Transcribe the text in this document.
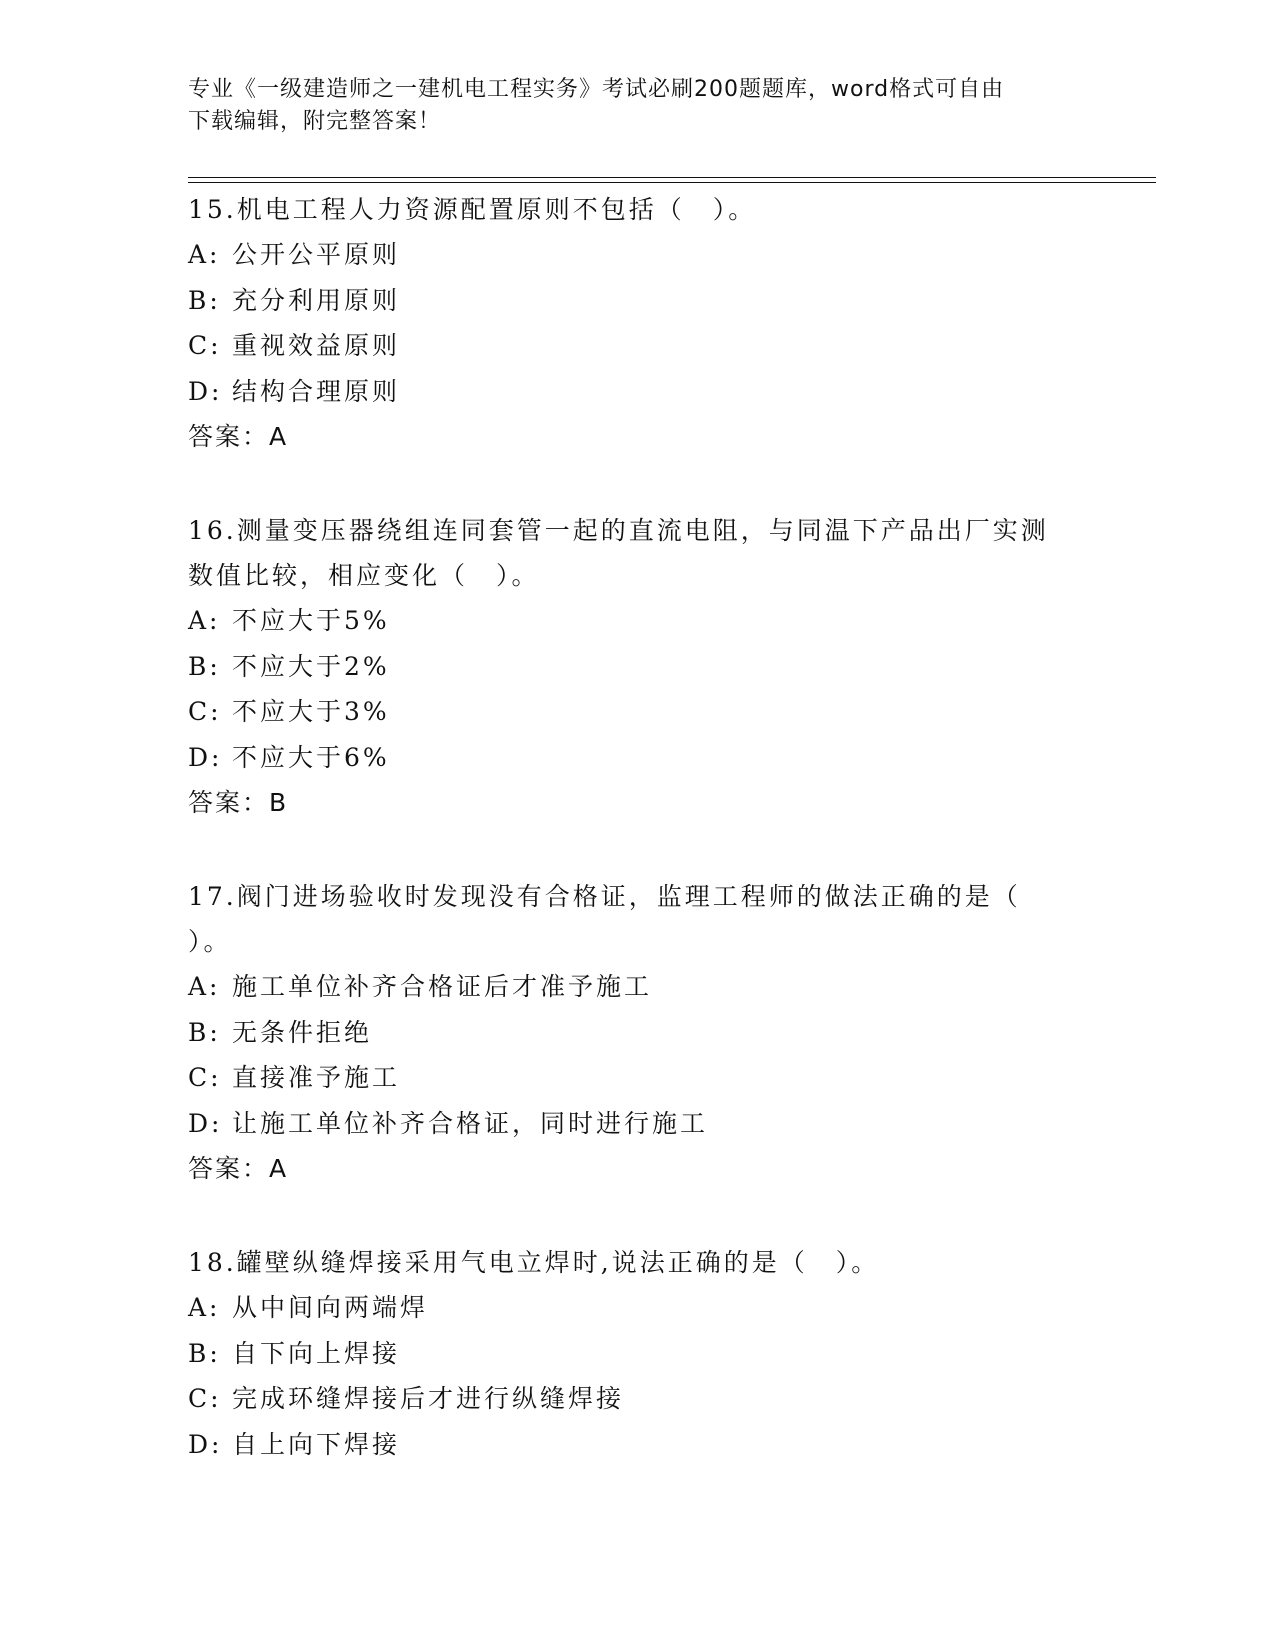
专业《一级建造师之一建机电工程实务》考试必刷200题题库，word格式可自由
下载编辑，附完整答案！

15.机电工程人力资源配置原则不包括（　）。

A: 公开公平原则
B: 充分利用原则
C: 重视效益原则
D: 结构合理原则

答案：A

16.测量变压器绕组连同套管一起的直流电阻，与同温下产品出厂实测
数值比较，相应变化（　）。

A: 不应大于5%
B: 不应大于2%
C: 不应大于3%
D: 不应大于6%

答案：B

17.阀门进场验收时发现没有合格证，监理工程师的做法正确的是（
）。

A: 施工单位补齐合格证后才准予施工
B: 无条件拒绝
C: 直接准予施工
D: 让施工单位补齐合格证，同时进行施工

答案：A

18.罐壁纵缝焊接采用气电立焊时,说法正确的是（　）。

A: 从中间向两端焊
B: 自下向上焊接
C: 完成环缝焊接后才进行纵缝焊接
D: 自上向下焊接
